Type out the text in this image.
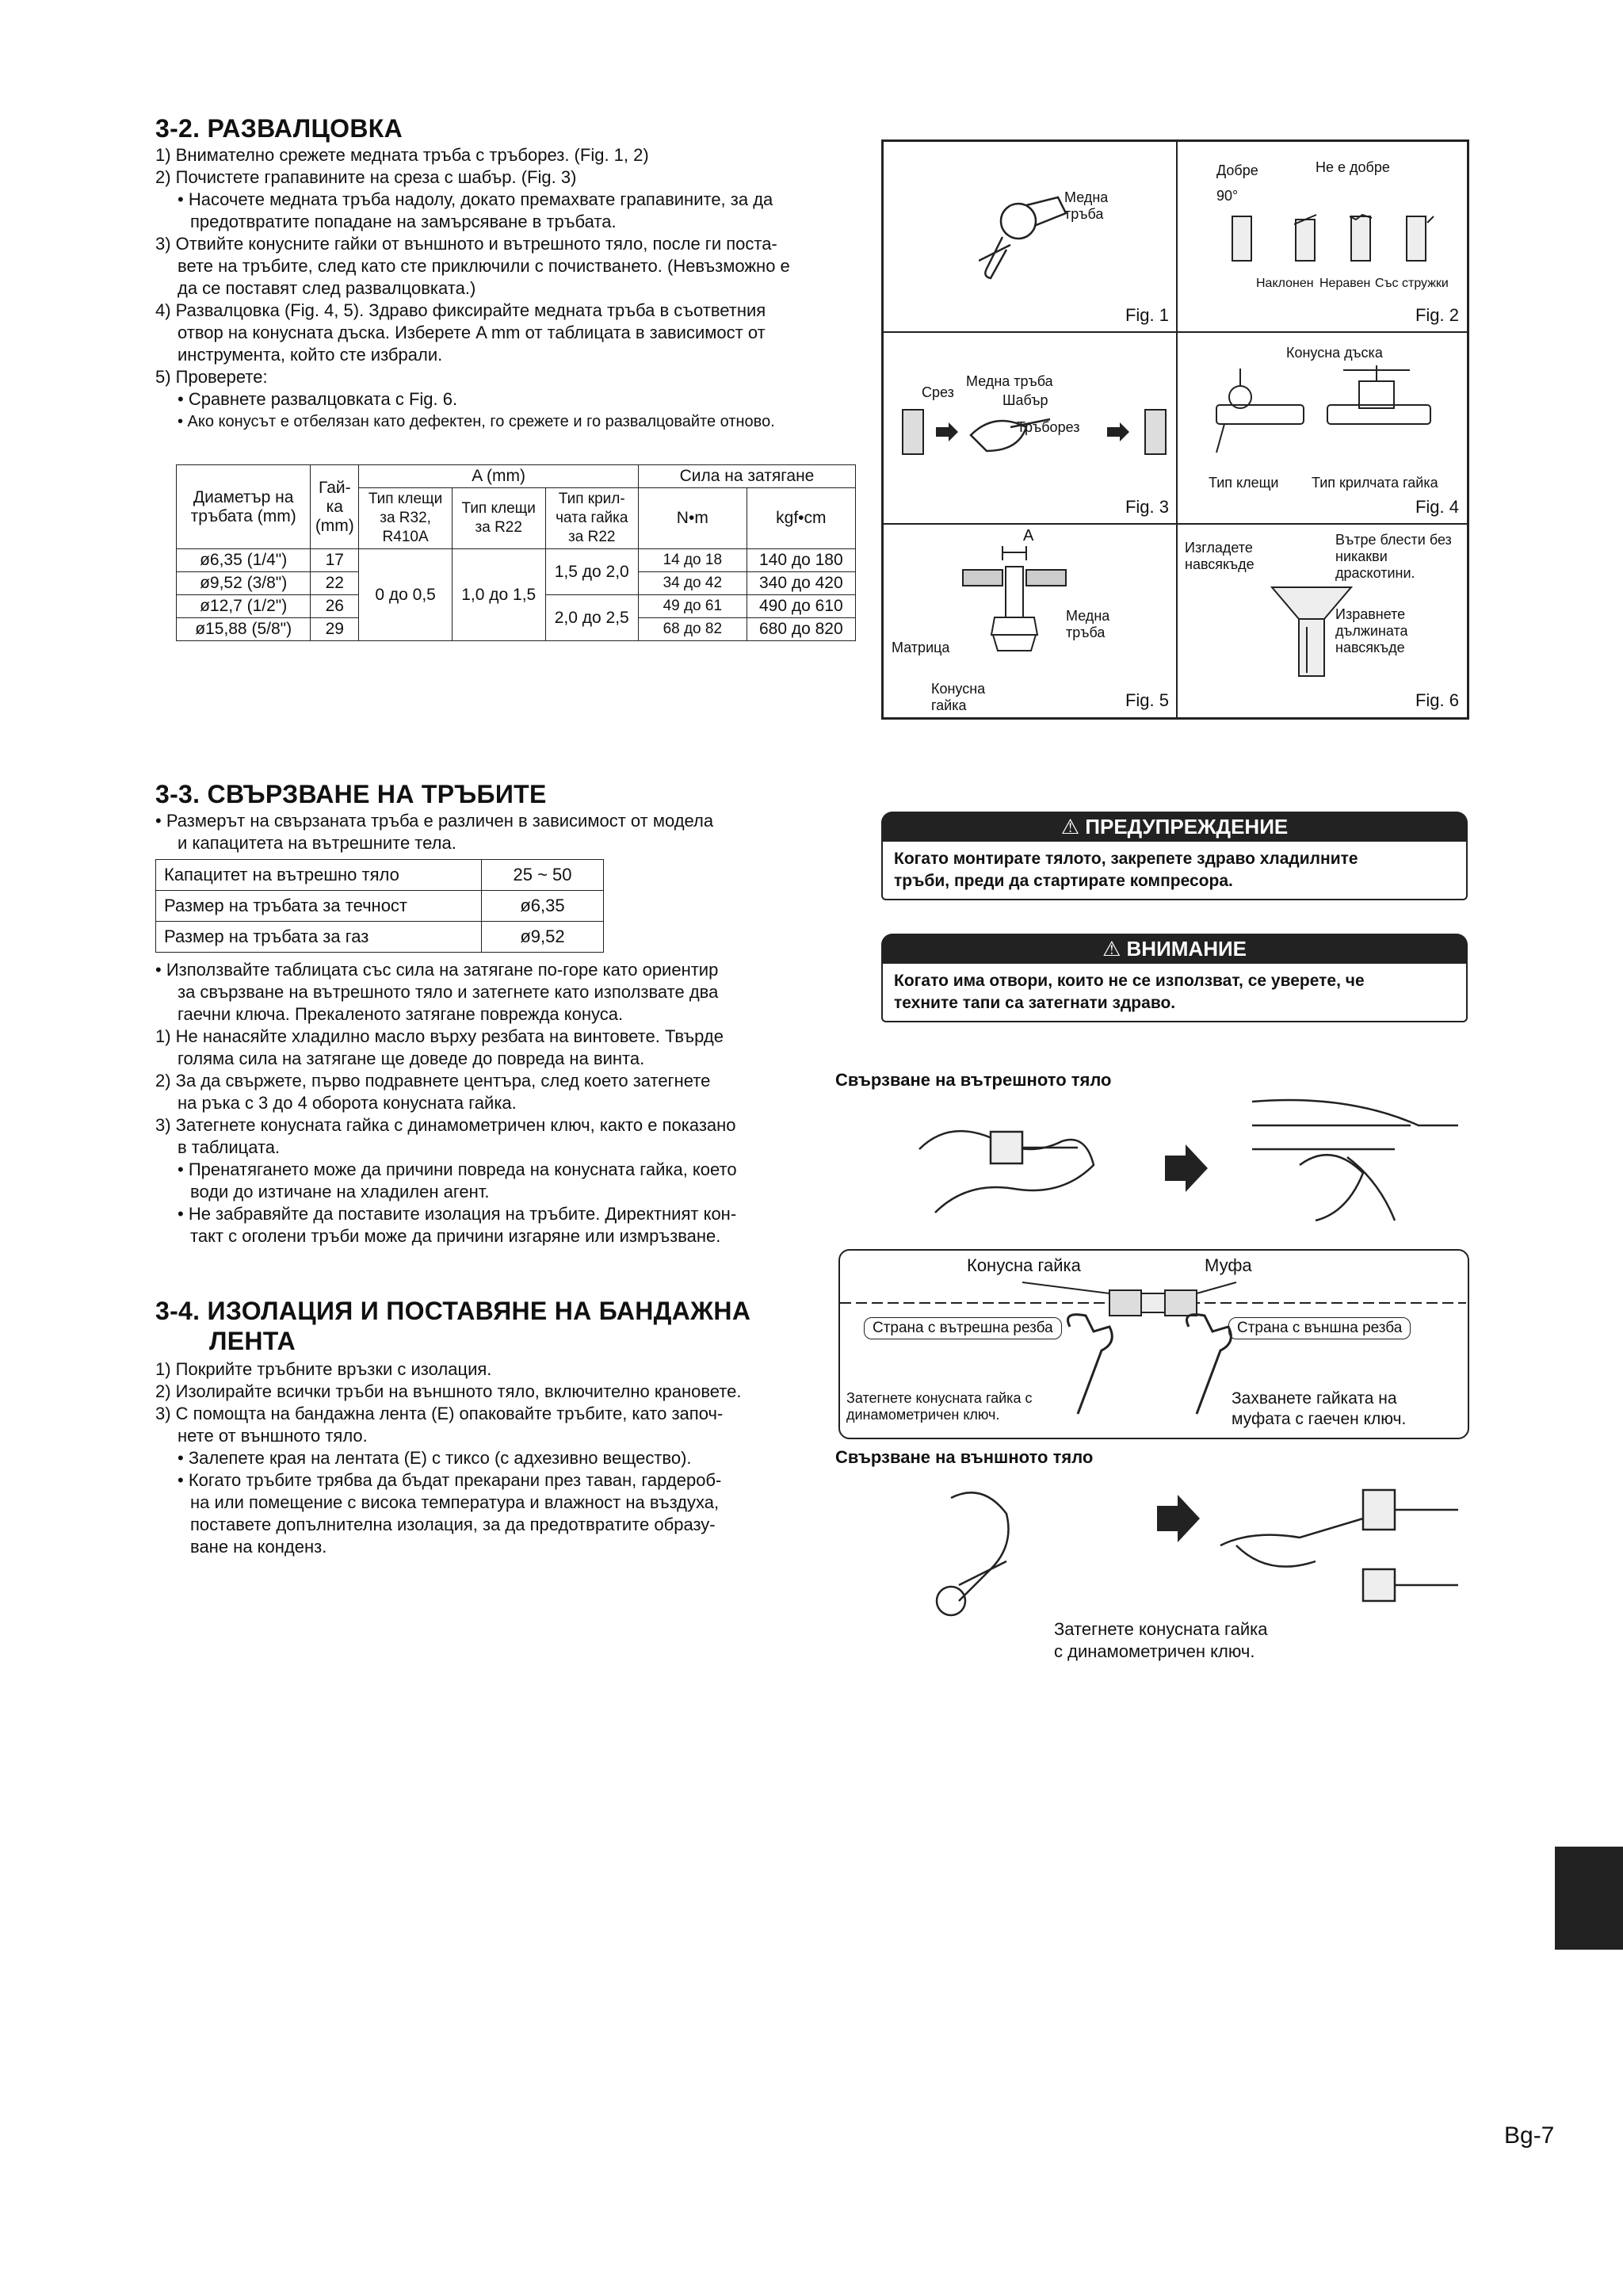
3-2. РАЗВАЛЦОВКА
1) Внимателно срежете медната тръба с тръборез. (Fig. 1, 2)
2) Почистете грапавините на среза с шабър. (Fig. 3)
• Насочете медната тръба надолу, докато премахвате грапавините, за да
предотвратите попадане на замърсяване в тръбата.
3) Отвийте конусните гайки от външното и вътрешното тяло, после ги поста-
вете на тръбите, след като сте приключили с почистването. (Невъзможно е
да се поставят след развалцовката.)
4) Развалцовка (Fig. 4, 5). Здраво фиксирайте медната тръба в съответния
отвор на конусната дъска. Изберете A mm от таблицата в зависимост от
инструмента, който сте избрали.
5) Проверете:
• Сравнете развалцовката с Fig. 6.
• Ако конусът е отбелязан като дефектен, го срежете и го развалцовайте отново.
Диаметър на тръбата (mm)	Гай-ка (mm)	A (mm)			Сила на затягане	
		Тип клещи за R32, R410A	Тип клещи за R22	Тип крил-чата гайка за R22	N•m	kgf•cm
ø6,35 (1/4")	17	0 до 0,5	1,0 до 1,5	1,5 до 2,0	14 до 18	140 до 180
ø9,52 (3/8")	22				34 до 42	340 до 420
ø12,7 (1/2")	26			2,0 до 2,5	49 до 61	490 до 610
ø15,88 (5/8")	29				68 до 82	680 до 820
Медна тръба
Fig. 1
Добре	Не е добре
90°
Наклонен Неравен Със стружки
Fig. 2
Срез
Медна тръба
Шабър
Тръборез
Fig. 3
Конусна дъска
Тип клещи Тип крилчата гайка
Fig. 4
A
Матрица
Конусна гайка
Медна тръба
Fig. 5
Изгладете навсякъде
Вътре блести без никакви драскотини.
Изравнете дължината навсякъде
Fig. 6
3-3. СВЪРЗВАНЕ НА ТРЪБИТЕ
• Размерът на свързаната тръба е различен в зависимост от модела
и капацитета на вътрешните тела.
Капацитет на вътрешно тяло	25 ~ 50
Размер на тръбата за течност	ø6,35
Размер на тръбата за газ	ø9,52
• Използвайте таблицата със сила на затягане по-горе като ориентир
за свързване на вътрешното тяло и затегнете като използвате два
гаечни ключа. Прекаленото затягане поврежда конуса.
1) Не нанасяйте хладилно масло върху резбата на винтовете. Твърде
голяма сила на затягане ще доведе до повреда на винта.
2) За да свържете, първо подравнете центъра, след което затегнете
на ръка с 3 до 4 оборота конусната гайка.
3) Затегнете конусната гайка с динамометричен ключ, както е показано
в таблицата.
• Пренатягането може да причини повреда на конусната гайка, което
води до изтичане на хладилен агент.
• Не забравяйте да поставите изолация на тръбите. Директният кон-
такт с оголени тръби може да причини изгаряне или измръзване.
3-4. ИЗОЛАЦИЯ И ПОСТАВЯНЕ НА БАНДАЖНА
ЛЕНТА
1) Покрийте тръбните връзки с изолация.
2) Изолирайте всички тръби на външното тяло, включително крановете.
3) С помощта на бандажна лента (E) опаковайте тръбите, като започ-
нете от външното тяло.
• Залепете края на лентата (E) с тиксо (с адхезивно вещество).
• Когато тръбите трябва да бъдат прекарани през таван, гардероб-
на или помещение с висока температура и влажност на въздуха,
поставете допълнителна изолация, за да предотвратите образу-
ване на конденз.
⚠ ПРЕДУПРЕЖДЕНИЕ
Когато монтирате тялото, закрепете здраво хладилните
тръби, преди да стартирате компресора.
⚠ ВНИМАНИЕ
Когато има отвори, които не се използват, се уверете, че
техните тапи са затегнати здраво.
Свързване на вътрешното тяло
Конусна гайка	Муфа
Страна с вътрешна резба	Страна с външна резба
Затегнете конусната гайка с
динамометричен ключ.
Захванете гайката на
муфата с гаечен ключ.
Свързване на външното тяло
Затегнете конусната гайка
с динамометричен ключ.
Bg-7
